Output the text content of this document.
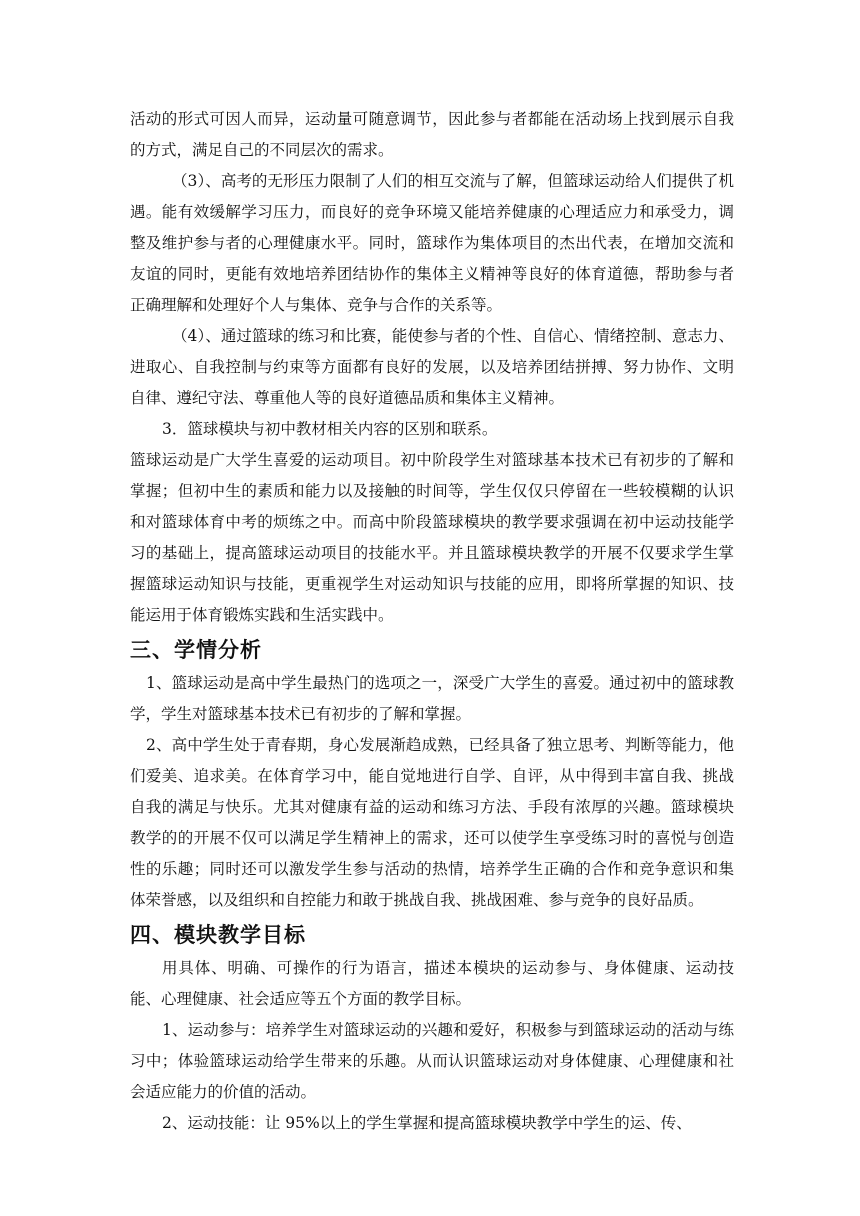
活动的形式可因人而异，运动量可随意调节，因此参与者都能在活动场上找到展示自我的方式，满足自己的不同层次的需求。

（3）、高考的无形压力限制了人们的相互交流与了解，但篮球运动给人们提供了机遇。能有效缓解学习压力，而良好的竞争环境又能培养健康的心理适应力和承受力，调整及维护参与者的心理健康水平。同时，篮球作为集体项目的杰出代表，在增加交流和友谊的同时，更能有效地培养团结协作的集体主义精神等良好的体育道德，帮助参与者正确理解和处理好个人与集体、竞争与合作的关系等。

（4）、通过篮球的练习和比赛，能使参与者的个性、自信心、情绪控制、意志力、进取心、自我控制与约束等方面都有良好的发展，以及培养团结拼搏、努力协作、文明自律、遵纪守法、尊重他人等的良好道德品质和集体主义精神。

3．篮球模块与初中教材相关内容的区别和联系。

篮球运动是广大学生喜爱的运动项目。初中阶段学生对篮球基本技术已有初步的了解和掌握；但初中生的素质和能力以及接触的时间等，学生仅仅只停留在一些较模糊的认识和对篮球体育中考的烦练之中。而高中阶段篮球模块的教学要求强调在初中运动技能学习的基础上，提高篮球运动项目的技能水平。并且篮球模块教学的开展不仅要求学生掌握篮球运动知识与技能，更重视学生对运动知识与技能的应用，即将所掌握的知识、技能运用于体育锻炼实践和生活实践中。

三、学情分析

1、篮球运动是高中学生最热门的选项之一，深受广大学生的喜爱。通过初中的篮球教学，学生对篮球基本技术已有初步的了解和掌握。

2、高中学生处于青春期，身心发展渐趋成熟，已经具备了独立思考、判断等能力，他们爱美、追求美。在体育学习中，能自觉地进行自学、自评，从中得到丰富自我、挑战自我的满足与快乐。尤其对健康有益的运动和练习方法、手段有浓厚的兴趣。篮球模块教学的的开展不仅可以满足学生精神上的需求，还可以使学生享受练习时的喜悦与创造性的乐趣；同时还可以激发学生参与活动的热情，培养学生正确的合作和竞争意识和集体荣誉感，以及组织和自控能力和敢于挑战自我、挑战困难、参与竞争的良好品质。

四、模块教学目标

用具体、明确、可操作的行为语言，描述本模块的运动参与、身体健康、运动技能、心理健康、社会适应等五个方面的教学目标。

1、运动参与：培养学生对篮球运动的兴趣和爱好，积极参与到篮球运动的活动与练习中；体验篮球运动给学生带来的乐趣。从而认识篮球运动对身体健康、心理健康和社会适应能力的价值的活动。

2、运动技能：让 95%以上的学生掌握和提高篮球模块教学中学生的运、传、
